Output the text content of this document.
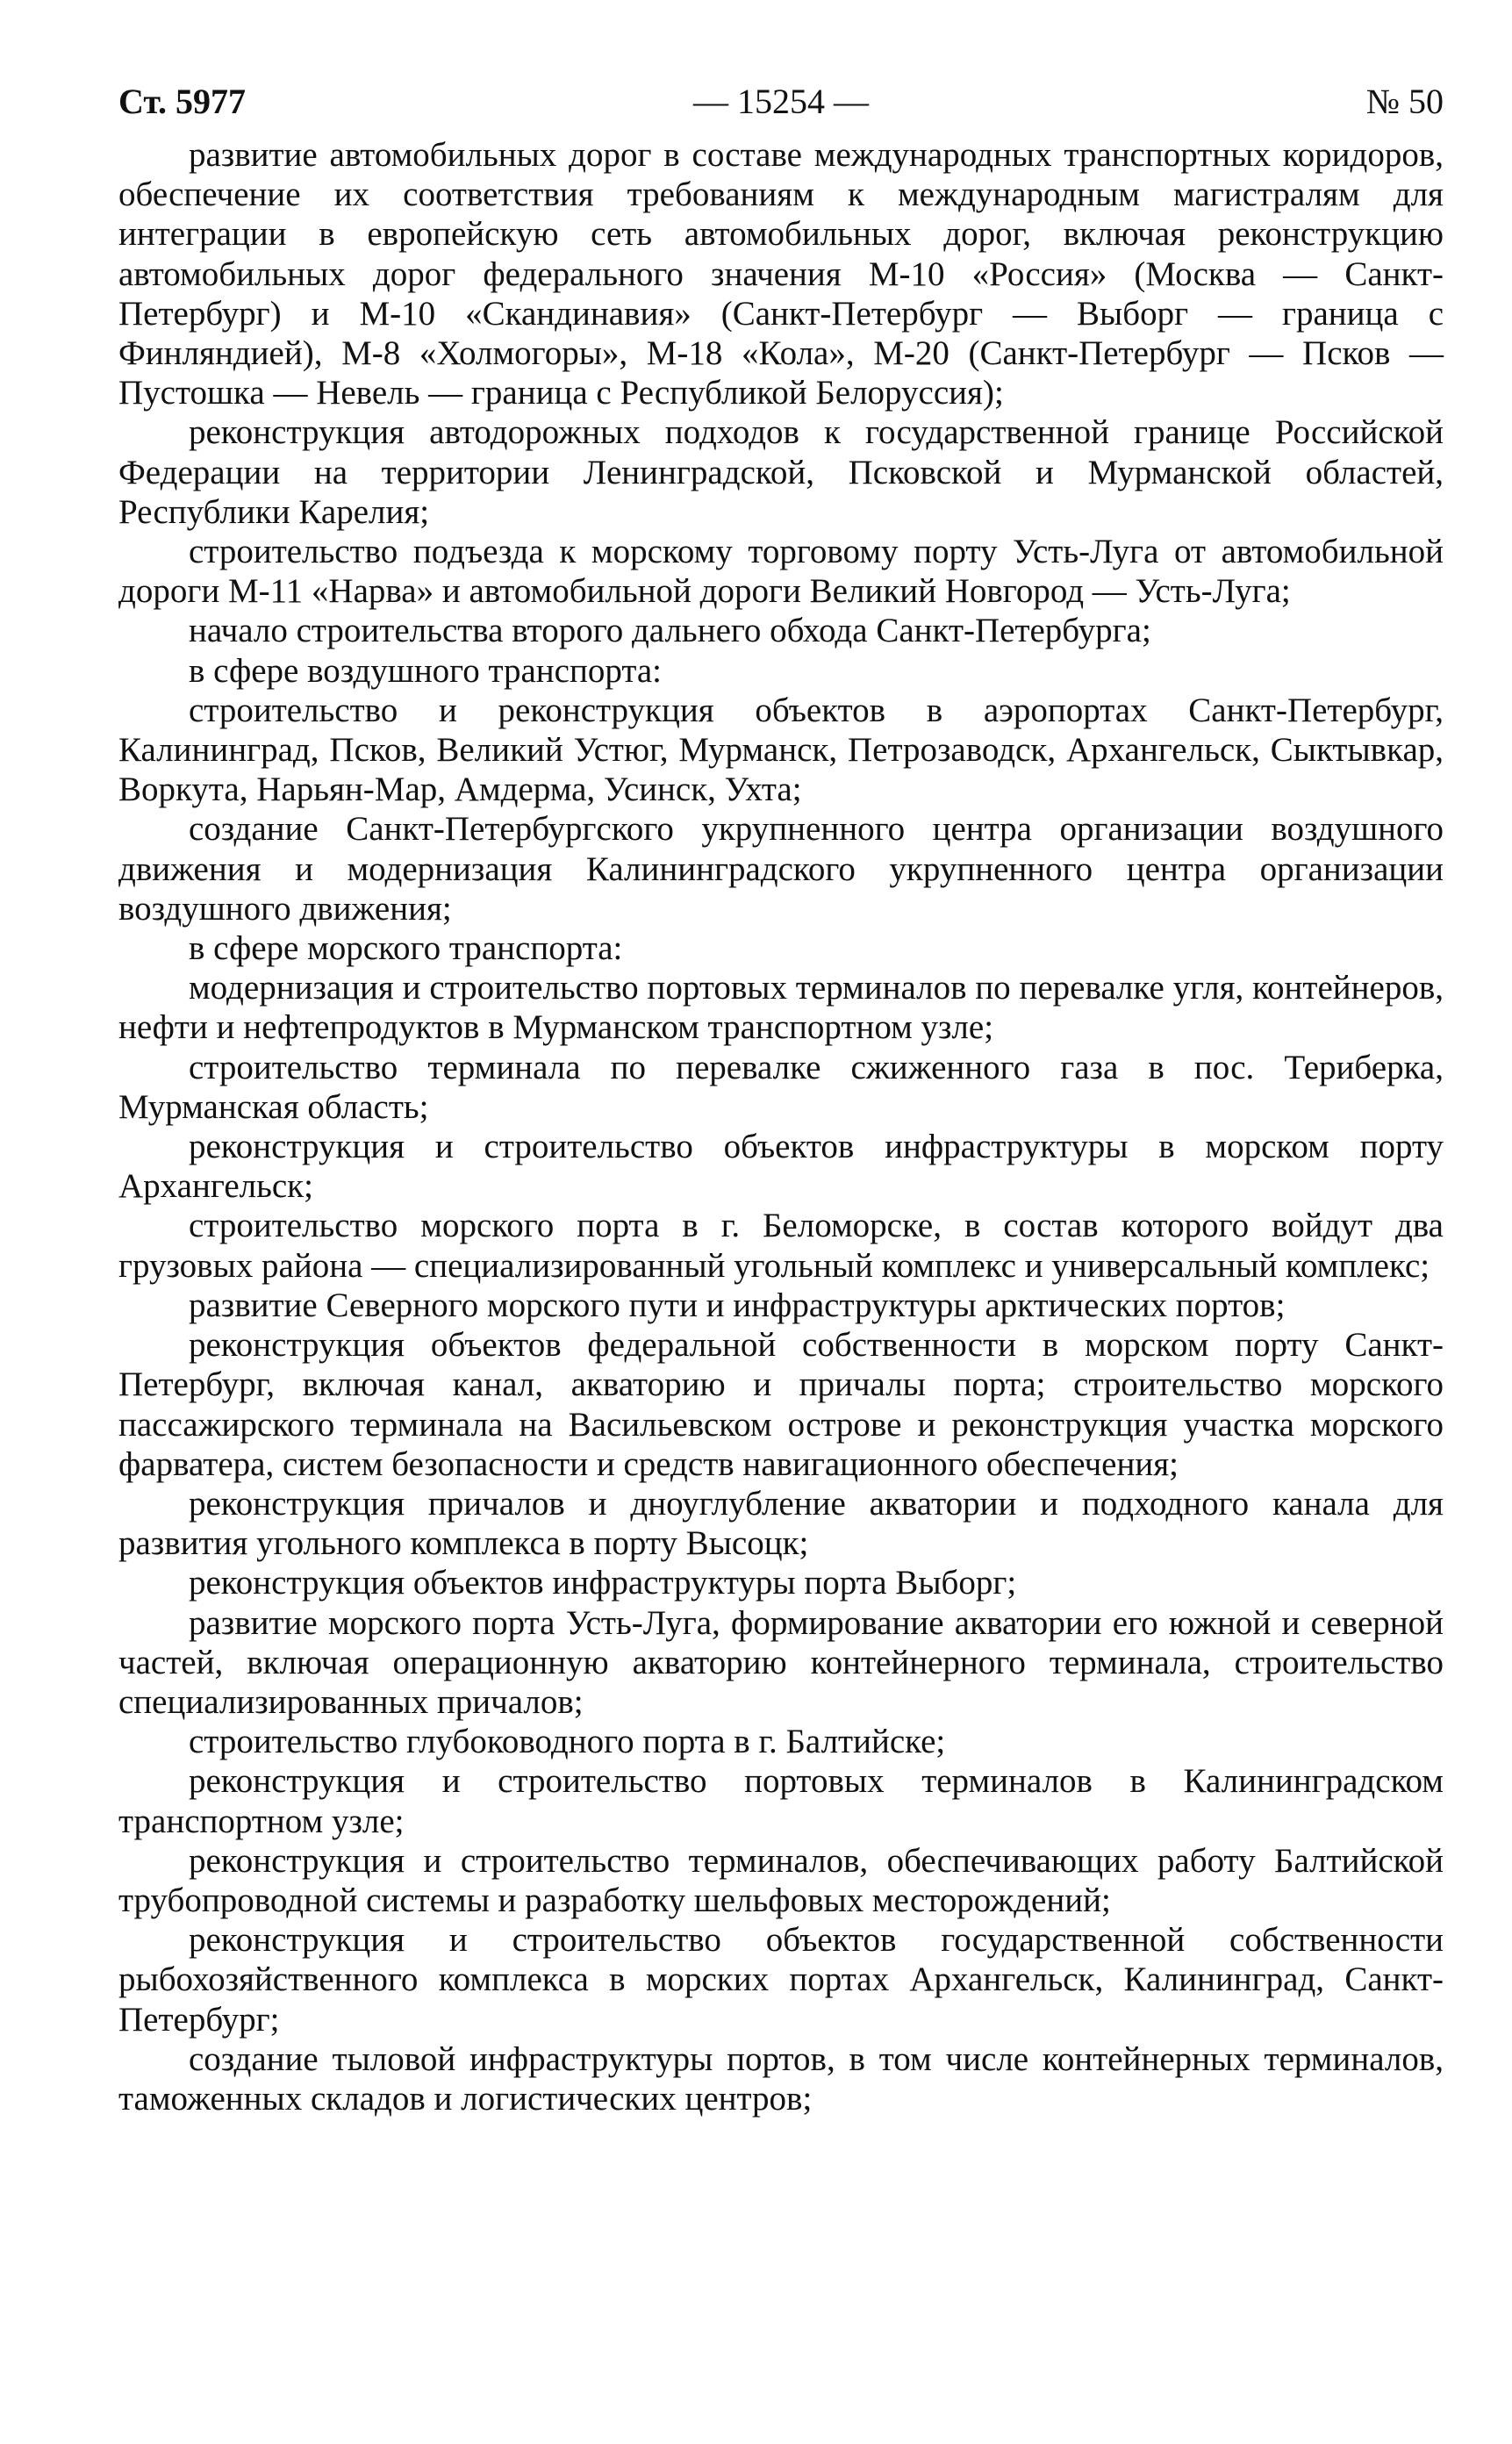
Ст. 5977	— 15254 —	№ 50

развитие автомобильных дорог в составе международных транспортных коридоров, обеспечение их соответствия требованиям к международным магистралям для интеграции в европейскую сеть автомобильных дорог, включая реконструкцию автомобильных дорог федерального значения М-10 «Россия» (Москва — Санкт-Петербург) и М-10 «Скандинавия» (Санкт-Петербург — Выборг — граница с Финляндией), М-8 «Холмогоры», М-18 «Кола», М-20 (Санкт-Петербург — Псков — Пустошка — Невель — граница с Республикой Белоруссия);

реконструкция автодорожных подходов к государственной границе Российской Федерации на территории Ленинградской, Псковской и Мурманской областей, Республики Карелия;

строительство подъезда к морскому торговому порту Усть-Луга от автомобильной дороги М-11 «Нарва» и автомобильной дороги Великий Новгород — Усть-Луга;

начало строительства второго дальнего обхода Санкт-Петербурга;

в сфере воздушного транспорта:

строительство и реконструкция объектов в аэропортах Санкт-Петербург, Калининград, Псков, Великий Устюг, Мурманск, Петрозаводск, Архангельск, Сыктывкар, Воркута, Нарьян-Мар, Амдерма, Усинск, Ухта;

создание Санкт-Петербургского укрупненного центра организации воздушного движения и модернизация Калининградского укрупненного центра организации воздушного движения;

в сфере морского транспорта:

модернизация и строительство портовых терминалов по перевалке угля, контейнеров, нефти и нефтепродуктов в Мурманском транспортном узле;

строительство терминала по перевалке сжиженного газа в пос. Териберка, Мурманская область;

реконструкция и строительство объектов инфраструктуры в морском порту Архангельск;

строительство морского порта в г. Беломорске, в состав которого войдут два грузовых района — специализированный угольный комплекс и универсальный комплекс;

развитие Северного морского пути и инфраструктуры арктических портов;

реконструкция объектов федеральной собственности в морском порту Санкт-Петербург, включая канал, акваторию и причалы порта; строительство морского пассажирского терминала на Васильевском острове и реконструкция участка морского фарватера, систем безопасности и средств навигационного обеспечения;

реконструкция причалов и дноуглубление акватории и подходного канала для развития угольного комплекса в порту Высоцк;

реконструкция объектов инфраструктуры порта Выборг;

развитие морского порта Усть-Луга, формирование акватории его южной и северной частей, включая операционную акваторию контейнерного терминала, строительство специализированных причалов;

строительство глубоководного порта в г. Балтийске;

реконструкция и строительство портовых терминалов в Калининградском транспортном узле;

реконструкция и строительство терминалов, обеспечивающих работу Балтийской трубопроводной системы и разработку шельфовых месторождений;

реконструкция и строительство объектов государственной собственности рыбохозяйственного комплекса в морских портах Архангельск, Калининград, Санкт-Петербург;

создание тыловой инфраструктуры портов, в том числе контейнерных терминалов, таможенных складов и логистических центров;
